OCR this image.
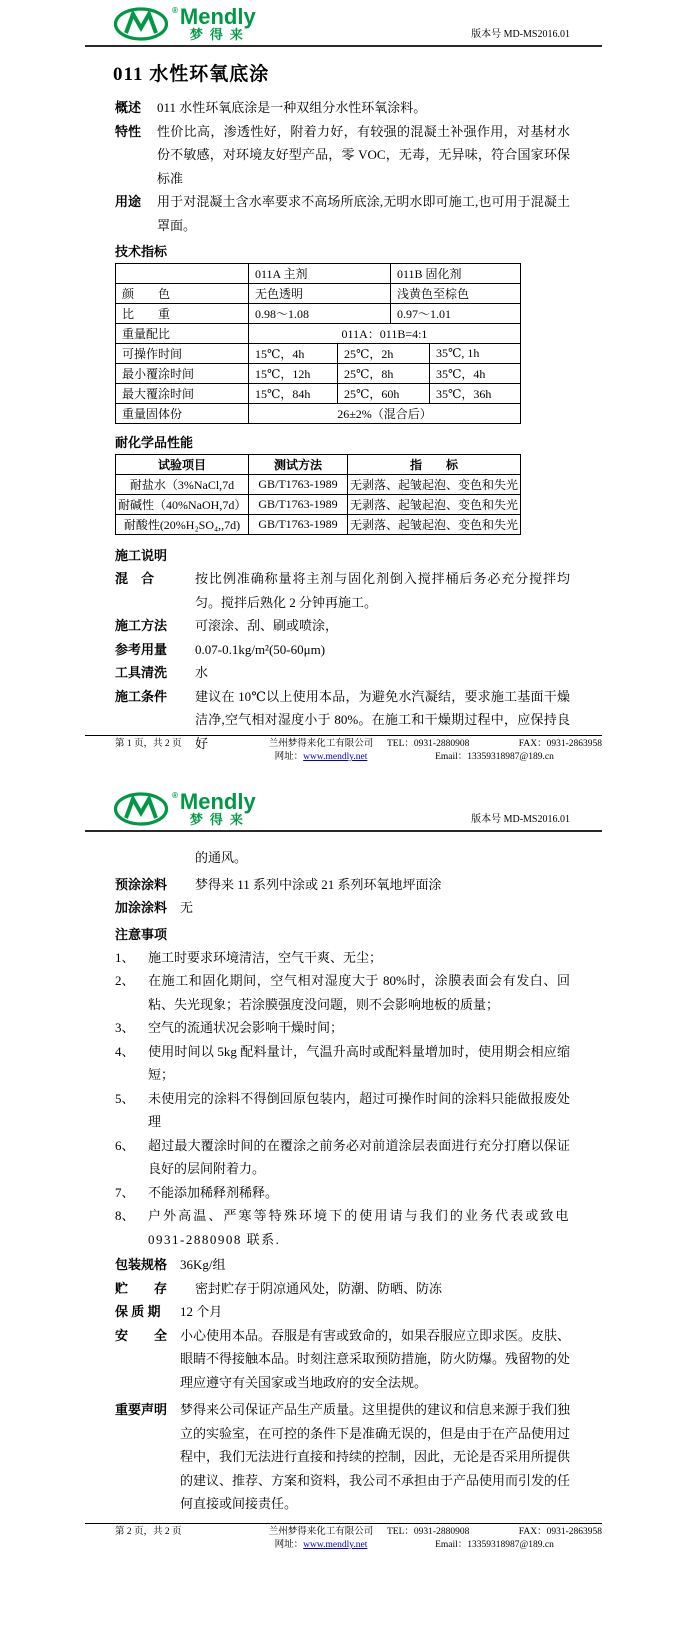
® Mendly
梦得来	版本号 MD-MS2016.01
011 水性环氧底涂
概述	011 水性环氧底涂是一种双组分水性环氧涂料。
特性	性价比高，渗透性好，附着力好，有较强的混凝土补强作用，对基材水份不敏感，对环境友好型产品，零 VOC，无毒，无异味，符合国家环保标准
用途	用于对混凝土含水率要求不高场所底涂,无明水即可施工,也可用于混凝土罩面。
技术指标
	011A 主剂		011B 固化剂	
颜　　色	无色透明		浅黄色至棕色	
比　　重	0.98～1.08		0.97～1.01	
重量配比	011A：011B=4:1			
可操作时间	15℃，4h	25℃，2h		35℃, 1h
最小覆涂时间	15℃，12h	25℃，8h		35℃，4h
最大覆涂时间	15℃，84h	25℃，60h		35℃，36h
重量固体份	26±2%（混合后）			
耐化学品性能
试验项目	测试方法	指　　标
耐盐水（3%NaCl,7d	GB/T1763-1989	无剥落、起皱起泡、变色和失光
耐碱性（40%NaOH,7d）	GB/T1763-1989	无剥落、起皱起泡、变色和失光
耐酸性(20%H₂SO₄,,7d)	GB/T1763-1989	无剥落、起皱起泡、变色和失光
施工说明
混　合	按比例准确称量将主剂与固化剂倒入搅拌桶后务必充分搅拌均匀。搅拌后熟化 2 分钟再施工。
施工方法	可滚涂、刮、刷或喷涂，
参考用量	0.07-0.1kg/m²(50-60μm)
工具清洗	水
施工条件	建议在 10℃以上使用本品，为避免水汽凝结，要求施工基面干燥洁净,空气相对湿度小于 80%。在施工和干燥期过程中，应保持良好
第 1 页，共 2 页	兰州梦得来化工有限公司
网址：www.mendly.net
TEL：0931-2880908	FAX：0931-2863958
Email：13359318987@189.cn
® Mendly
梦得来	版本号 MD-MS2016.01
的通风。
预涂涂料	梦得来 11 系列中涂或 21 系列环氧地坪面涂
加涂涂料 无
注意事项
1、	施工时要求环境清洁，空气干爽、无尘；
2、	在施工和固化期间，空气相对湿度大于 80%时，涂膜表面会有发白、回粘、失光现象；若涂膜强度没问题，则不会影响地板的质量；
3、	空气的流通状况会影响干燥时间；
4、	使用时间以 5kg 配料量计，气温升高时或配料量增加时，使用期会相应缩短；
5、	未使用完的涂料不得倒回原包装内，超过可操作时间的涂料只能做报废处理
6、	超过最大覆涂时间的在覆涂之前务必对前道涂层表面进行充分打磨以保证良好的层间附着力。
7、	不能添加稀释剂稀释。
8、	户外高温、严寒等特殊环境下的使用请与我们的业务代表或致电 0931-2880908 联系.
包装规格 36Kg/组
贮　　存	密封贮存于阴凉通风处，防潮、防晒、防冻
保 质 期	12 个月
安　　全 小心使用本品。吞服是有害或致命的，如果吞服应立即求医。皮肤、眼睛不得接触本品。时刻注意采取预防措施，防火防爆。残留物的处理应遵守有关国家或当地政府的安全法规。
重要声明 梦得来公司保证产品生产质量。这里提供的建议和信息来源于我们独立的实验室，在可控的条件下是准确无误的，但是由于在产品使用过程中，我们无法进行直接和持续的控制，因此，无论是否采用所提供的建议、推荐、方案和资料，我公司不承担由于产品使用而引发的任何直接或间接责任。
第 2 页，共 2 页	兰州梦得来化工有限公司
网址：www.mendly.net
TEL：0931-2880908	FAX：0931-2863958
Email：13359318987@189.cn
